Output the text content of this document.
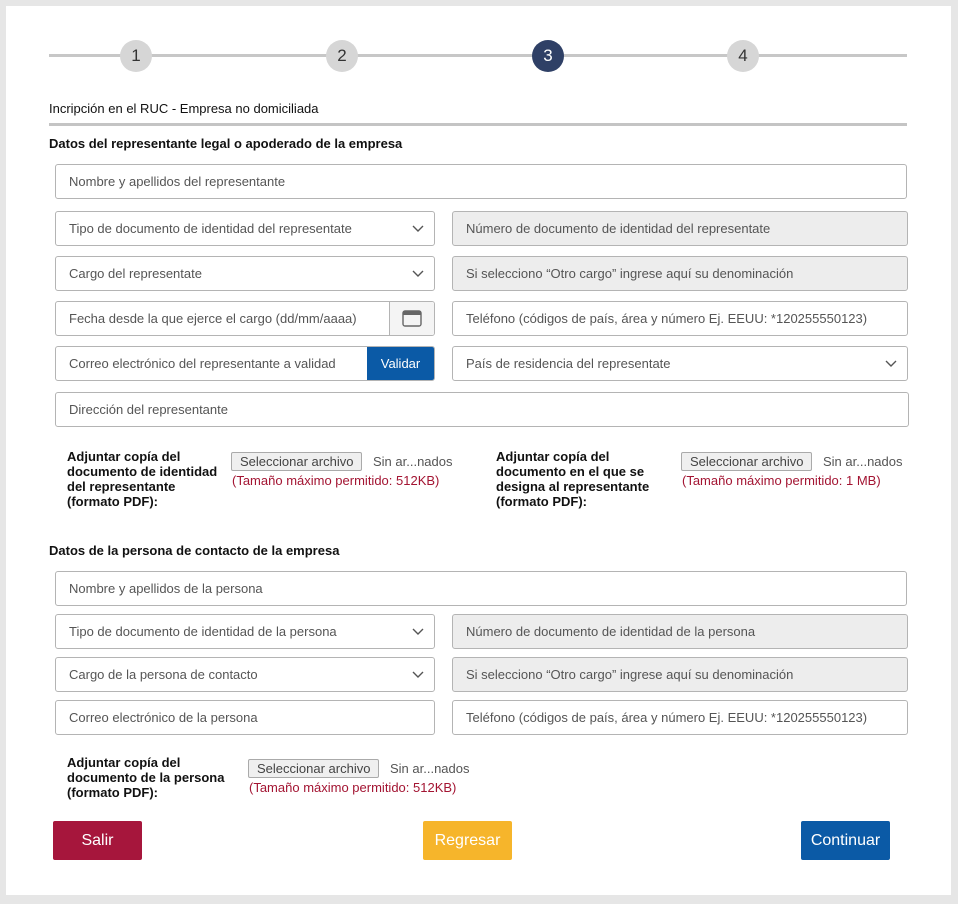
1	2	3	4
Incripción en el RUC - Empresa no domiciliada
Datos del representante legal o apoderado de la empresa
Nombre y apellidos del representante
Tipo de documento de identidad del representate	Número de documento de identidad del representate
Cargo del representate	Si selecciono “Otro cargo” ingrese aquí su denominación
Fecha desde la que ejerce el cargo (dd/mm/aaaa)	Teléfono (códigos de país, área y número Ej. EEUU: *120255550123)
Correo electrónico del representante a validad	Validar	País de residencia del representate
Dirección del representante
Adjuntar copía del
documento de identidad
del representante
(formato PDF):
Seleccionar archivo	Sin ar...nados
(Tamaño máximo permitido: 512KB)
Adjuntar copía del
documento en el que se
designa al representante
(formato PDF):
Seleccionar archivo	Sin ar...nados
(Tamaño máximo permitido: 1 MB)
Datos de la persona de contacto de la empresa
Nombre y apellidos de la persona
Tipo de documento de identidad de la persona	Número de documento de identidad de la persona
Cargo de la persona de contacto	Si selecciono “Otro cargo” ingrese aquí su denominación
Correo electrónico de la persona	Teléfono (códigos de país, área y número Ej. EEUU: *120255550123)
Adjuntar copía del
documento de la persona
(formato PDF):
Seleccionar archivo	Sin ar...nados
(Tamaño máximo permitido: 512KB)
Salir	Regresar	Continuar
